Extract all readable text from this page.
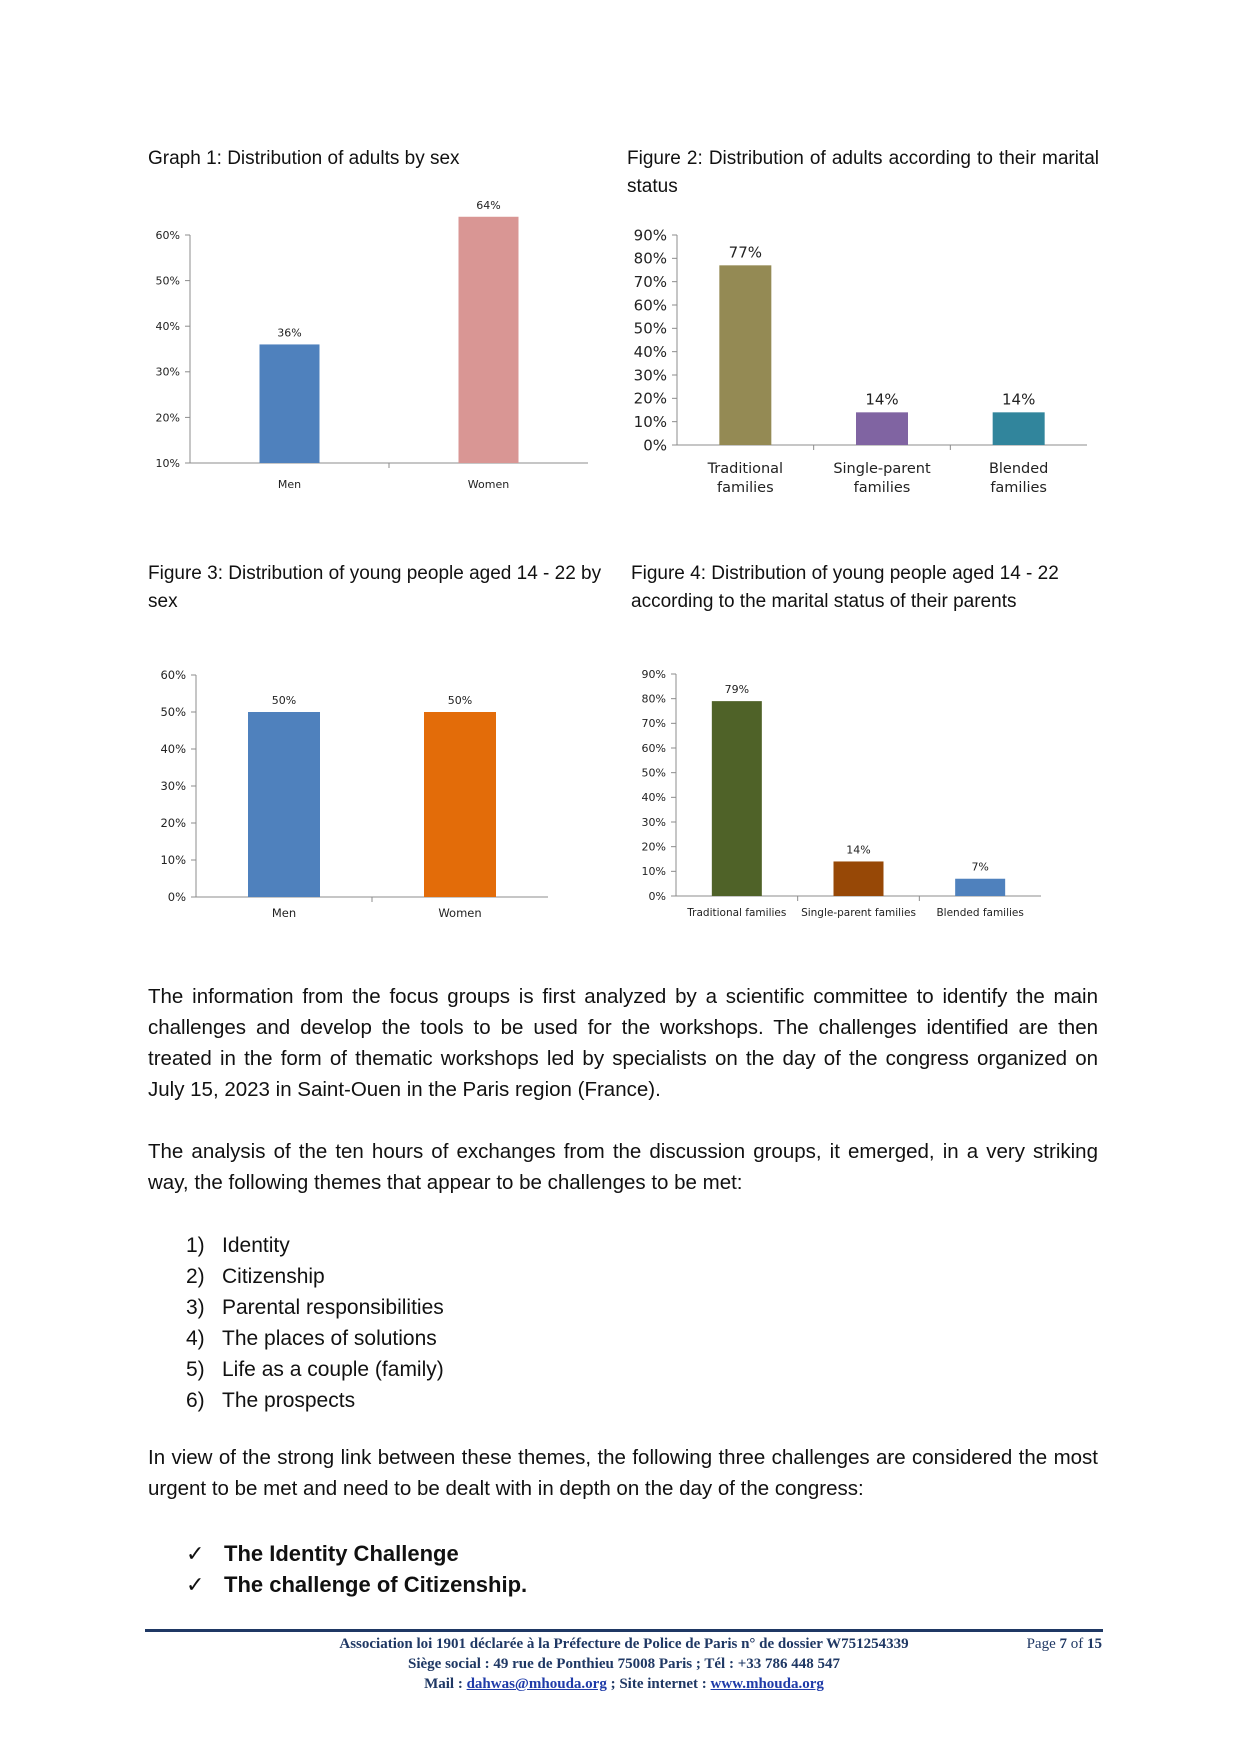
Graph 1: Distribution of adults by sex	Figure 2: Distribution of adults according to their marital status
Figure 3: Distribution of young people aged 14 - 22 by sex
Figure 4: Distribution of young people aged 14 - 22 according to the marital status of their parents
10%
20%
30%
40%
50%
60%
36%
Men
64%
Women
0%
10%
20%
30%
40%
50%
60%
70%
80%
90%
77%
Traditional
families
14%
Single-parent
families
14%
Blended
families
0%
10%
20%
30%
40%
50%
60%
50%
Men
50%
Women
0%
10%
20%
30%
40%
50%
60%
70%
80%
90%
79%
Traditional families
14%
Single-parent families
7%
Blended families

The information from the focus groups is first analyzed by a scientific committee to identify the main challenges and develop the tools to be used for the workshops. The challenges identified are then treated in the form of thematic workshops led by specialists on the day of the congress organized on July 15, 2023 in Saint-Ouen in the Paris region (France).

The analysis of the ten hours of exchanges from the discussion groups, it emerged, in a very striking way, the following themes that appear to be challenges to be met:

1) Identity
2) Citizenship
3) Parental responsibilities
4) The places of solutions
5) Life as a couple (family)
6) The prospects

In view of the strong link between these themes, the following three challenges are considered the most urgent to be met and need to be dealt with in depth on the day of the congress:

✓ The Identity Challenge
✓ The challenge of Citizenship.
Association loi 1901 déclarée à la Préfecture de Police de Paris n° de dossier W751254339
Siège social : 49 rue de Ponthieu 75008 Paris ; Tél : +33 786 448 547
Mail : dahwas@mhouda.org ; Site internet : www.mhouda.org
Page 7 of 15
